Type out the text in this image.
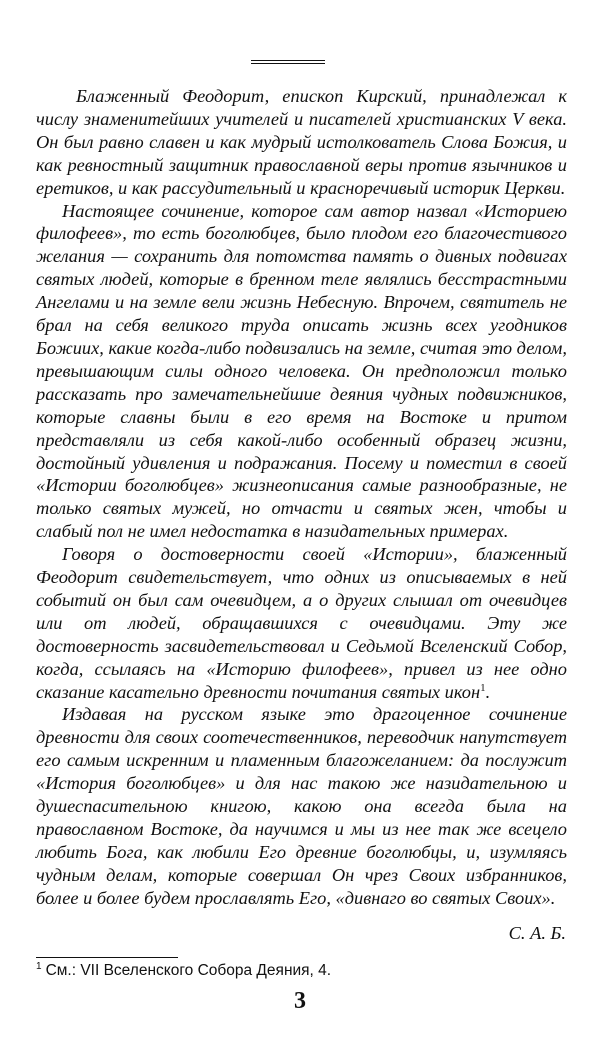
Блаженный Феодорит, епископ Кирский, принадлежал к числу знаменитейших учителей и писателей христианских V века. Он был равно славен и как мудрый истолкователь Слова Божия, и как ревностный защитник православной веры против язычников и еретиков, и как рассудительный и красноречивый историк Церкви.

Настоящее сочинение, которое сам автор назвал «Историею филофеев», то есть боголюбцев, было плодом его благочестивого желания — сохранить для потомства память о дивных подвигах святых людей, которые в бренном теле являлись бесстрастными Ангелами и на земле вели жизнь Небесную. Впрочем, святитель не брал на себя великого труда описать жизнь всех угодников Божиих, какие когда-либо подвизались на земле, считая это делом, превышающим силы одного человека. Он предположил только рассказать про замечательнейшие деяния чудных подвижников, которые славны были в его время на Востоке и притом представляли из себя какой-либо особенный образец жизни, достойный удивления и подражания. Посему и поместил в своей «Истории боголюбцев» жизнеописания самые разнообразные, не только святых мужей, но отчасти и святых жен, чтобы и слабый пол не имел недостатка в назидательных примерах.

Говоря о достоверности своей «Истории», блаженный Феодорит свидетельствует, что одних из описываемых в ней событий он был сам очевидцем, а о других слышал от очевидцев или от людей, обращавшихся с очевидцами. Эту же достоверность засвидетельствовал и Седьмой Вселенский Собор, когда, ссылаясь на «Историю филофеев», привел из нее одно сказание касательно древности почитания святых икон$^1$.

Издавая на русском языке это драгоценное сочинение древности для своих соотечественников, переводчик напутствует его самым искренним и пламенным благожеланием: да послужит «История боголюбцев» и для нас такою же назидательною и душеспасительною книгою, какою она всегда была на православном Востоке, да научимся и мы из нее так же всецело любить Бога, как любили Его древние боголюбцы, и, изумляясь чудным делам, которые совершал Он чрез Своих избранников, более и более будем прославлять Его, «дивнаго во святых Своих».

С. А. Б.
$^1$ См.: VII Вселенского Собора Деяния, 4.
3
